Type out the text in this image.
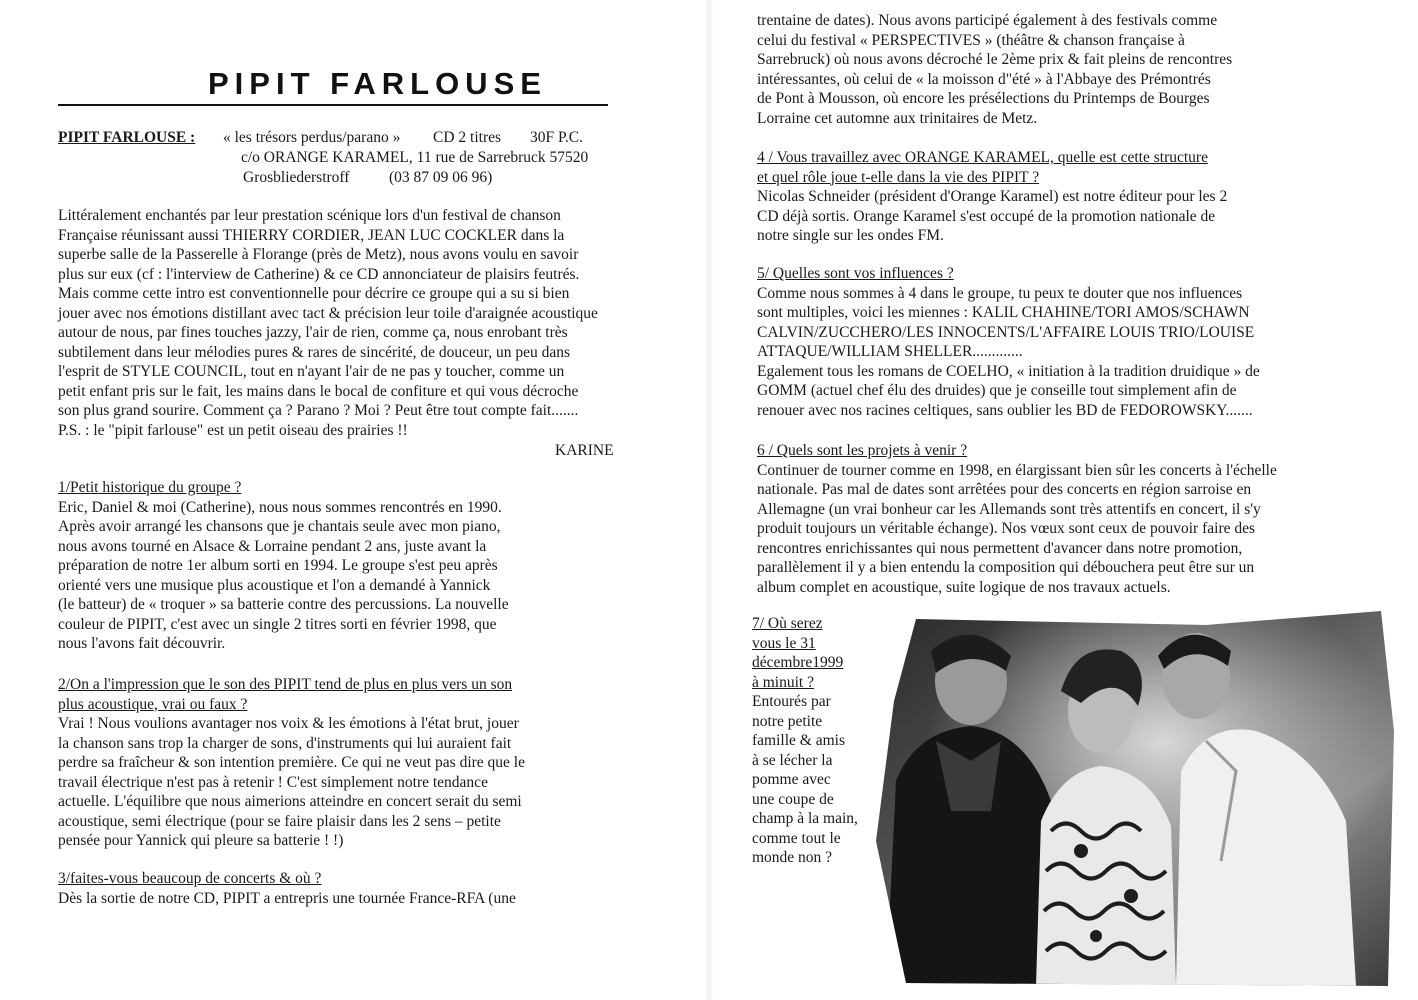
PIPIT FARLOUSE
PIPIT FARLOUSE : « les trésors perdus/parano » CD 2 titres 30F P.C.
c/o ORANGE KARAMEL, 11 rue de Sarrebruck 57520
Grosbliederstroff	(03 87 09 06 96)

Littéralement enchantés par leur prestation scénique lors d'un festival de chanson

Française réunissant aussi THIERRY CORDIER, JEAN LUC COCKLER dans la

superbe salle de la Passerelle à Florange (près de Metz), nous avons voulu en savoir

plus sur eux (cf : l'interview de Catherine) & ce CD annonciateur de plaisirs feutrés.

Mais comme cette intro est conventionnelle pour décrire ce groupe qui a su si bien

jouer avec nos émotions distillant avec tact & précision leur toile d'araignée acoustique

autour de nous, par fines touches jazzy, l'air de rien, comme ça, nous enrobant très

subtilement dans leur mélodies pures & rares de sincérité, de douceur, un peu dans

l'esprit de STYLE COUNCIL, tout en n'ayant l'air de ne pas y toucher, comme un

petit enfant pris sur le fait, les mains dans le bocal de confiture et qui vous décroche

son plus grand sourire. Comment ça ? Parano ? Moi ? Peut être tout compte fait.......

P.S. : le "pipit farlouse" est un petit oiseau des prairies !!

KARINE

1/Petit historique du groupe ?

Eric, Daniel & moi (Catherine), nous nous sommes rencontrés en 1990.

Après avoir arrangé les chansons que je chantais seule avec mon piano,

nous avons tourné en Alsace & Lorraine pendant 2 ans, juste avant la

préparation de notre 1er album sorti en 1994. Le groupe s'est peu après

orienté vers une musique plus acoustique et l'on a demandé à Yannick

(le batteur) de « troquer » sa batterie contre des percussions. La nouvelle

couleur de PIPIT, c'est avec un single 2 titres sorti en février 1998, que

nous l'avons fait découvrir.

2/On a l'impression que le son des PIPIT tend de plus en plus vers un son

plus acoustique, vrai ou faux ?

Vrai ! Nous voulions avantager nos voix & les émotions à l'état brut, jouer

la chanson sans trop la charger de sons, d'instruments qui lui auraient fait

perdre sa fraîcheur & son intention première. Ce qui ne veut pas dire que le

travail électrique n'est pas à retenir ! C'est simplement notre tendance

actuelle. L'équilibre que nous aimerions atteindre en concert serait du semi

acoustique, semi électrique (pour se faire plaisir dans les 2 sens – petite

pensée pour Yannick qui pleure sa batterie ! !)

3/faites-vous beaucoup de concerts & où ?

Dès la sortie de notre CD, PIPIT a entrepris une tournée France-RFA (une

trentaine de dates). Nous avons participé également à des festivals comme

celui du festival « PERSPECTIVES » (théâtre & chanson française à

Sarrebruck) où nous avons décroché le 2ème prix & fait pleins de rencontres

intéressantes, où celui de « la moisson d"été » à l'Abbaye des Prémontrés

de Pont à Mousson, où encore les présélections du Printemps de Bourges

Lorraine cet automne aux trinitaires de Metz.

4 / Vous travaillez avec ORANGE KARAMEL, quelle est cette structure

et quel rôle joue t-elle dans la vie des PIPIT ?

Nicolas Schneider (président d'Orange Karamel) est notre éditeur pour les 2

CD déjà sortis. Orange Karamel s'est occupé de la promotion nationale de

notre single sur les ondes FM.

5/ Quelles sont vos influences ?

Comme nous sommes à 4 dans le groupe, tu peux te douter que nos influences

sont multiples, voici les miennes : KALIL CHAHINE/TORI AMOS/SCHAWN

CALVIN/ZUCCHERO/LES INNOCENTS/L'AFFAIRE LOUIS TRIO/LOUISE

ATTAQUE/WILLIAM SHELLER.............

Egalement tous les romans de COELHO, « initiation à la tradition druidique » de

GOMM (actuel chef élu des druides) que je conseille tout simplement afin de

renouer avec nos racines celtiques, sans oublier les BD de FEDOROWSKY.......

6 / Quels sont les projets à venir ?

Continuer de tourner comme en 1998, en élargissant bien sûr les concerts à l'échelle

nationale. Pas mal de dates sont arrêtées pour des concerts en région sarroise en

Allemagne (un vrai bonheur car les Allemands sont très attentifs en concert, il s'y

produit toujours un véritable échange). Nos vœux sont ceux de pouvoir faire des

rencontres enrichissantes qui nous permettent d'avancer dans notre promotion,

parallèlement il y a bien entendu la composition qui débouchera peut être sur un

album complet en acoustique, suite logique de nos travaux actuels.

7/ Où serez

vous le 31

décembre1999

à minuit ?

Entourés par

notre petite

famille & amis

à se lécher la

pomme avec

une coupe de

champ à la main,

comme tout le

monde non ?
